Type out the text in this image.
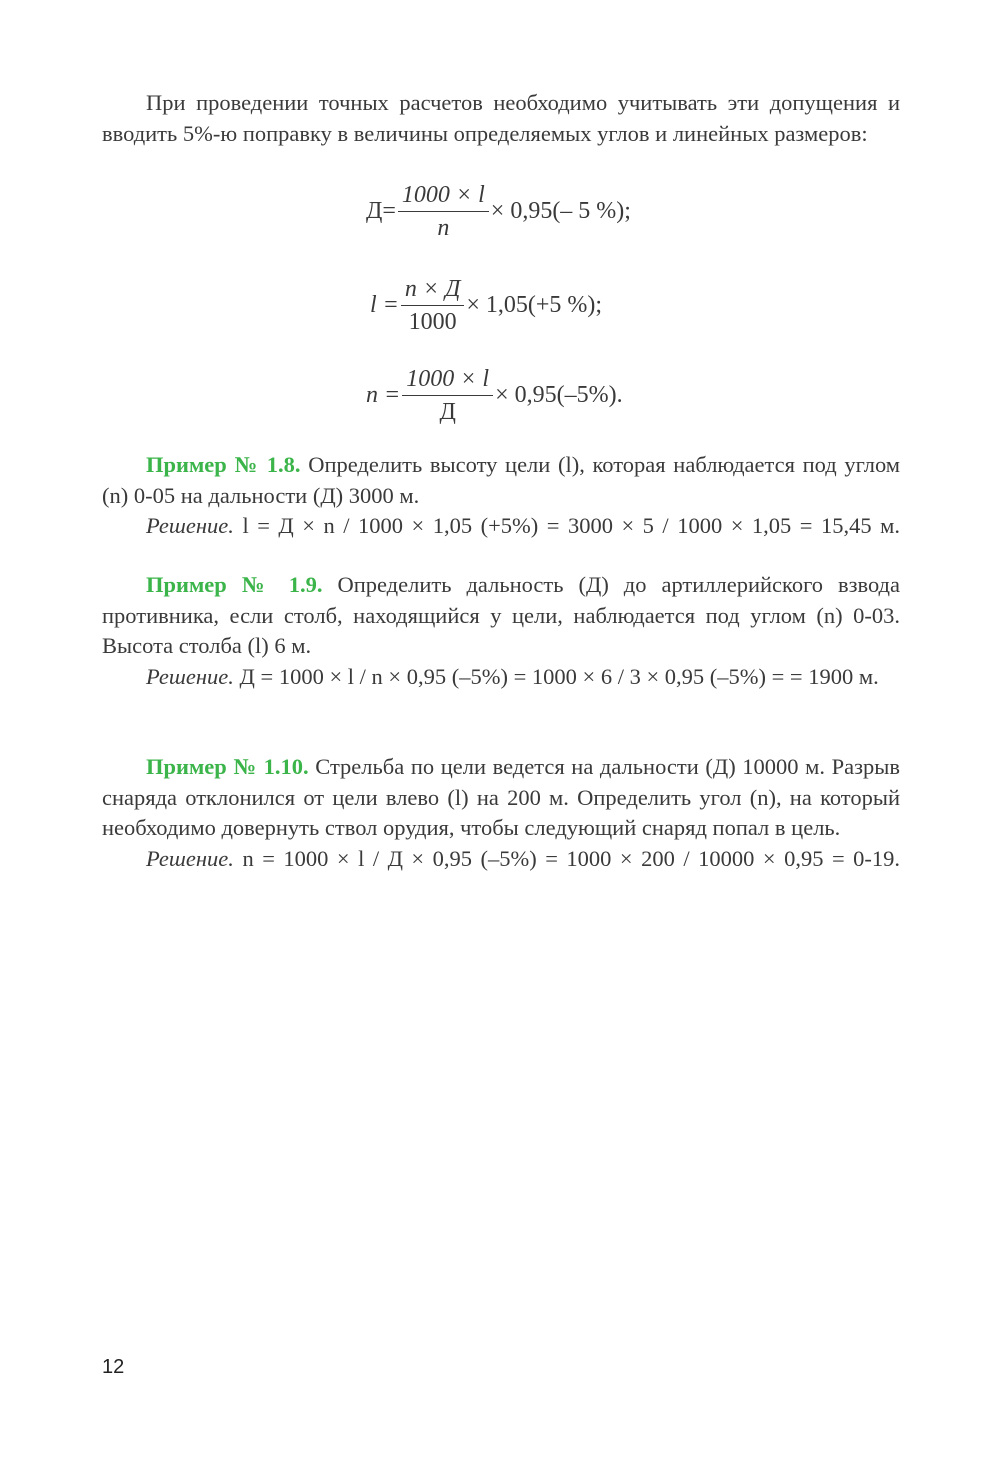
При проведении точных расчетов необходимо учитывать эти допущения и вводить 5%-ю поправку в величины определяемых углов и линейных размеров:

$Д= \frac{1000 \times l}{n} \times 0,95(-$ 5 %);
$l = \frac{n \times Д}{1000} \times 1,05(+5$ %);
$n = \frac{1000 \times l}{Д} \times 0,95(-5\%)$.

Пример № 1.8. Определить высоту цели (l), которая наблюдается под углом (n) 0-05 на дальности (Д) 3000 м.

Решение. l = Д × n / 1000 × 1,05 (+5%) = 3000 × 5 / 1000 × 1,05 = 15,45 м.

Пример № 1.9. Определить дальность (Д) до артиллерийского взвода противника, если столб, находящийся у цели, наблюдается под углом (n) 0-03. Высота столба (l) 6 м.

Решение. Д = 1000 × l / n × 0,95 (–5%) = 1000 × 6 / 3 × 0,95 (–5%) = = 1900 м.

Пример № 1.10. Стрельба по цели ведется на дальности (Д) 10000 м. Разрыв снаряда отклонился от цели влево (l) на 200 м. Определить угол (n), на который необходимо довернуть ствол орудия, чтобы следующий снаряд попал в цель.

Решение. n = 1000 × l / Д × 0,95 (–5%) = 1000 × 200 / 10000 × 0,95 = 0-19.

12
